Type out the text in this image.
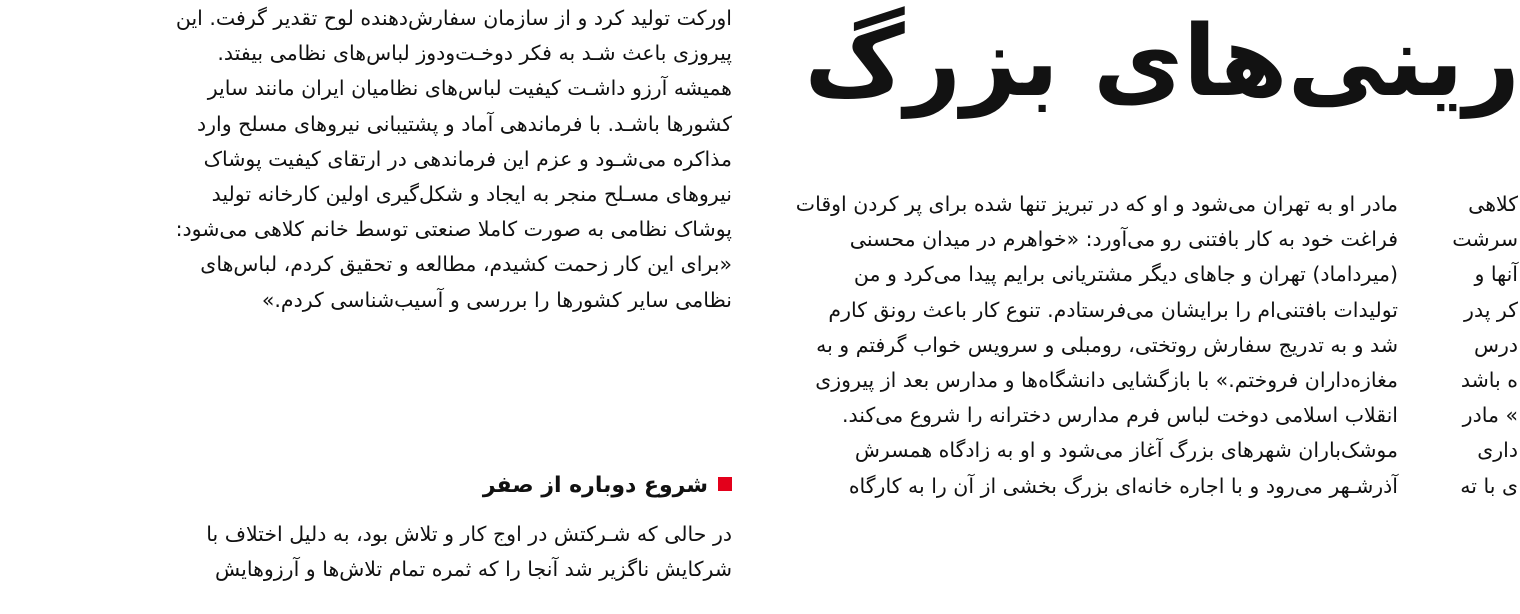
رینی‌های بزرگ
اورکت تولید کرد و از سازمان سفارش‌دهنده لوح تقدیر گرفت. این
پیروزی باعث شـد به فکر دوخـت‌ودوز لباس‌های نظامی بیفتد.
همیشه آرزو داشـت کیفیت لباس‌های نظامیان ایران مانند سایر
کشورها باشـد. با فرماندهی آماد و پشتیبانی نیروهای مسلح وارد
مذاکره می‌شـود و عزم این فرماندهی در ارتقای کیفیت پوشاک
نیروهای مسـلح منجر به ایجاد و شکل‌گیری اولین کارخانه تولید
پوشاک نظامی به صورت کاملا صنعتی توسط خانم کلاهی می‌شود:
«برای این کار زحمت کشیدم، مطالعه و تحقیق کردم، لباس‌های
نظامی سایر کشورها را بررسی و آسیب‌شناسی کردم.»
شروع دوباره از صفر
در حالی که شـرکتش در اوج کار و تلاش بود، به دلیل اختلاف با
شرکایش ناگزیر شد آنجا را که ثمره تمام تلاش‌ها و آرزوهایش
مادر او به تهران می‌شود و او که در تبریز تنها شده برای پر کردن اوقات
فراغت خود به کار بافتنی رو می‌آورد: «خواهرم در میدان محسنی
(میرداماد) تهران و جاهای دیگر مشتریانی برایم پیدا می‌کرد و من
تولیدات بافتنی‌ام را برایشان می‌فرستادم. تنوع کار باعث رونق کارم
شد و به تدریج سفارش روتختی، رومبلی و سرویس خواب گرفتم و به
مغازه‌داران فروختم.» با بازگشایی دانشگاه‌ها و مدارس بعد از پیروزی
انقلاب اسلامی دوخت لباس فرم مدارس دخترانه را شروع می‌کند.
موشک‌باران شهرهای بزرگ آغاز می‌شود و او به زادگاه همسرش
آذرشـهر می‌رود و با اجاره خانه‌ای بزرگ بخشی از آن را به کارگاه
کلاهی
سرشت
آنها و
کر پدر
درس
ه باشد
» مادر
داری
ی با ته
